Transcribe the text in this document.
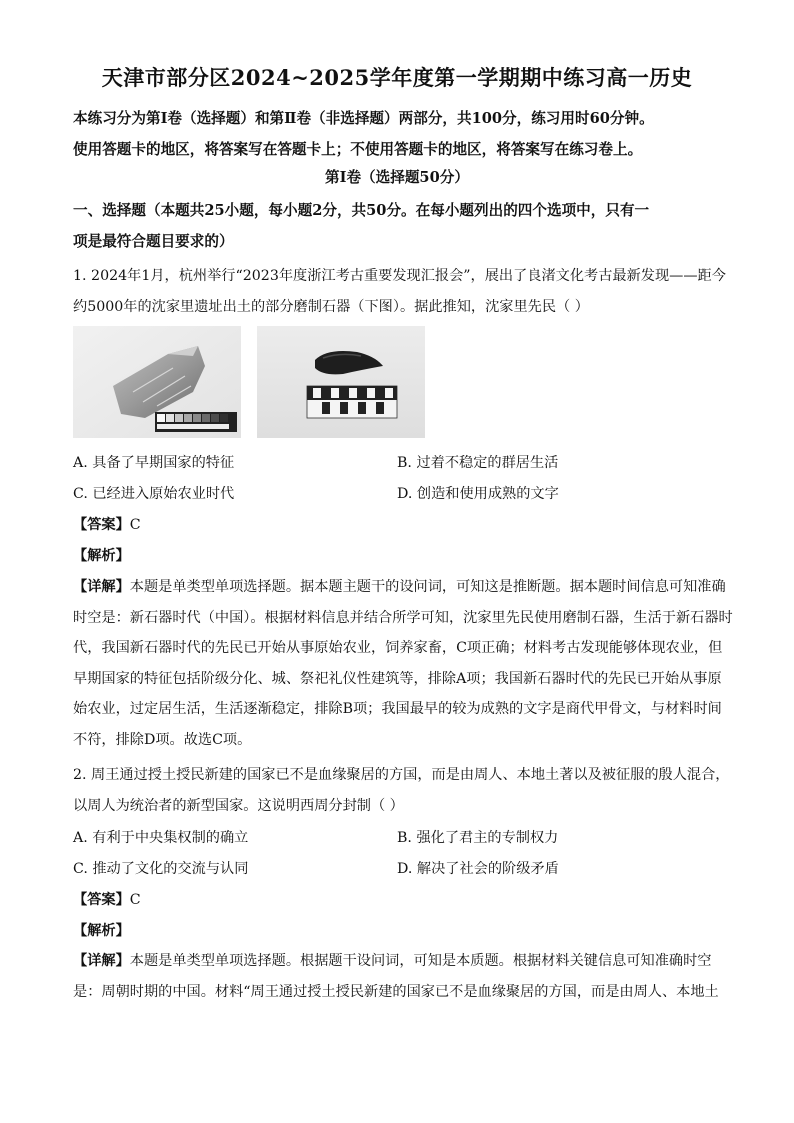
天津市部分区2024~2025学年度第一学期期中练习高一历史
本练习分为第Ⅰ卷（选择题）和第Ⅱ卷（非选择题）两部分，共100分，练习用时60分钟。
使用答题卡的地区，将答案写在答题卡上；不使用答题卡的地区，将答案写在练习卷上。
第Ⅰ卷（选择题50分）
一、选择题（本题共25小题，每小题2分，共50分。在每小题列出的四个选项中，只有一
项是最符合题目要求的）
1. 2024年1月，杭州举行“2023年度浙江考古重要发现汇报会”，展出了良渚文化考古最新发现——距今
约5000年的沈家里遗址出土的部分磨制石器（下图）。据此推知，沈家里先民（ ）
A. 具备了早期国家的特征	B. 过着不稳定的群居生活
C. 已经进入原始农业时代	D. 创造和使用成熟的文字
【答案】C
【解析】
【详解】本题是单类型单项选择题。据本题主题干的设问词，可知这是推断题。据本题时间信息可知准确
时空是：新石器时代（中国）。根据材料信息并结合所学可知，沈家里先民使用磨制石器，生活于新石器时
代，我国新石器时代的先民已开始从事原始农业，饲养家畜，C项正确；材料考古发现能够体现农业，但
早期国家的特征包括阶级分化、城、祭祀礼仪性建筑等，排除A项；我国新石器时代的先民已开始从事原
始农业，过定居生活，生活逐渐稳定，排除B项；我国最早的较为成熟的文字是商代甲骨文，与材料时间
不符，排除D项。故选C项。
2. 周王通过授土授民新建的国家已不是血缘聚居的方国，而是由周人、本地土著以及被征服的殷人混合，
以周人为统治者的新型国家。这说明西周分封制（ ）
A. 有利于中央集权制的确立	B. 强化了君主的专制权力
C. 推动了文化的交流与认同	D. 解决了社会的阶级矛盾
【答案】C
【解析】
【详解】本题是单类型单项选择题。根据题干设问词，可知是本质题。根据材料关键信息可知准确时空
是：周朝时期的中国。材料“周王通过授土授民新建的国家已不是血缘聚居的方国，而是由周人、本地土
